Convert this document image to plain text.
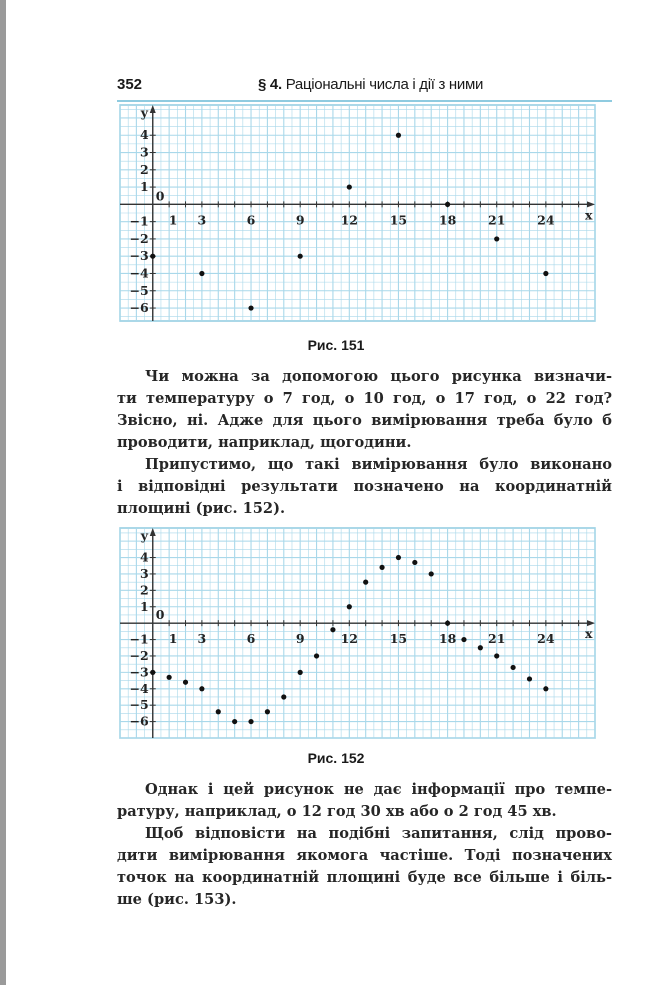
352	§ 4. Раціональні числа і дії з ними
1 3	6	9	12	15	18	21	24
−6
−5
−4
−3
−2
−1
1
2
3
4
0
x
y
Рис. 151
Чи можна за допомогою цього рисунка визначи-
ти температуру о 7 год, о 10 год, о 17 год, о 22 год?
Звісно, ні. Адже для цього вимірювання треба було б
проводити, наприклад, щогодини.
Припустимо, що такі вимірювання було виконано
і відповідні результати позначено на координатній
площині (рис. 152).
1 3	6	9	12	15	18	21	24
−6
−5
−4
−3
−2
−1
1
2
3
4
0
x
y
Рис. 152
Однак і цей рисунок не дає інформації про темпе-
ратуру, наприклад, о 12 год 30 хв або о 2 год 45 хв.
Щоб відповісти на подібні запитання, слід прово-
дити вимірювання якомога частіше. Тоді позначених
точок на координатній площині буде все більше і біль-
ше (рис. 153).
